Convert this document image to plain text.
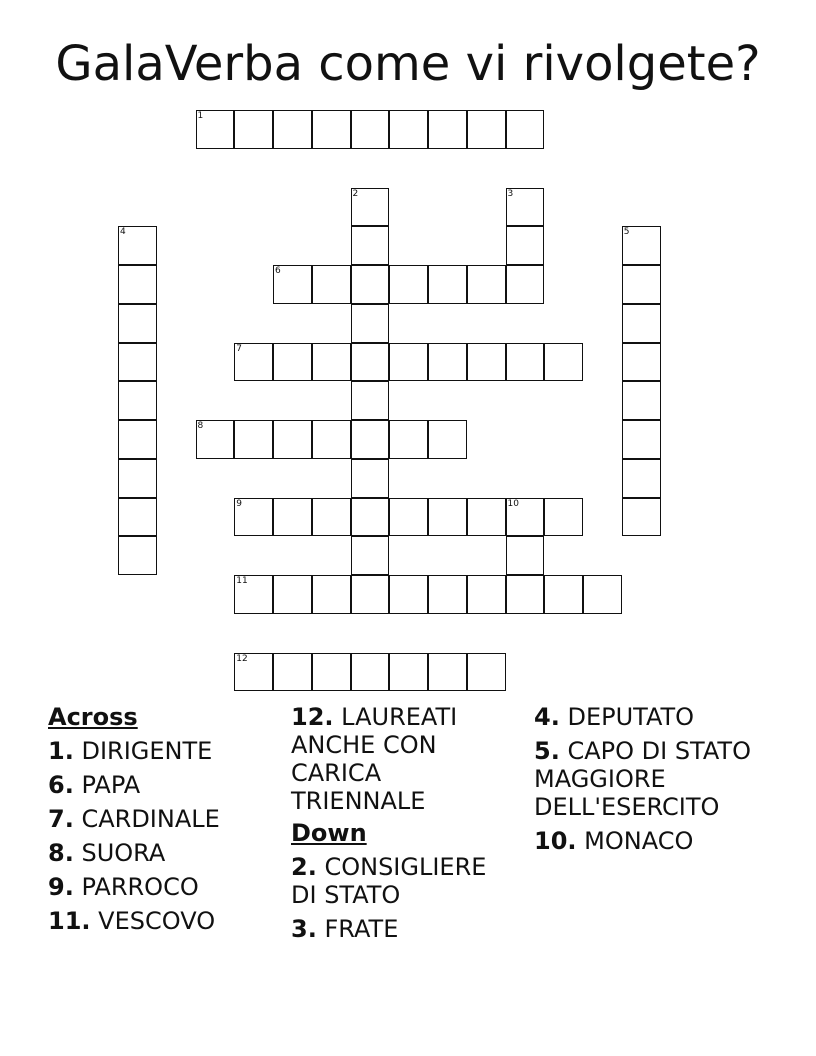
GalaVerba come vi rivolgete?
1
2	3
4	5
6
7
8
9	10
11
12
Across
1. DIRIGENTE
6. PAPA
7. CARDINALE
8. SUORA
9. PARROCO
11. VESCOVO
12. LAUREATI ANCHE CON CARICA TRIENNALE
Down
2. CONSIGLIERE DI STATO
3. FRATE
4. DEPUTATO
5. CAPO DI STATO MAGGIORE DELL'ESERCITO
10. MONACO
